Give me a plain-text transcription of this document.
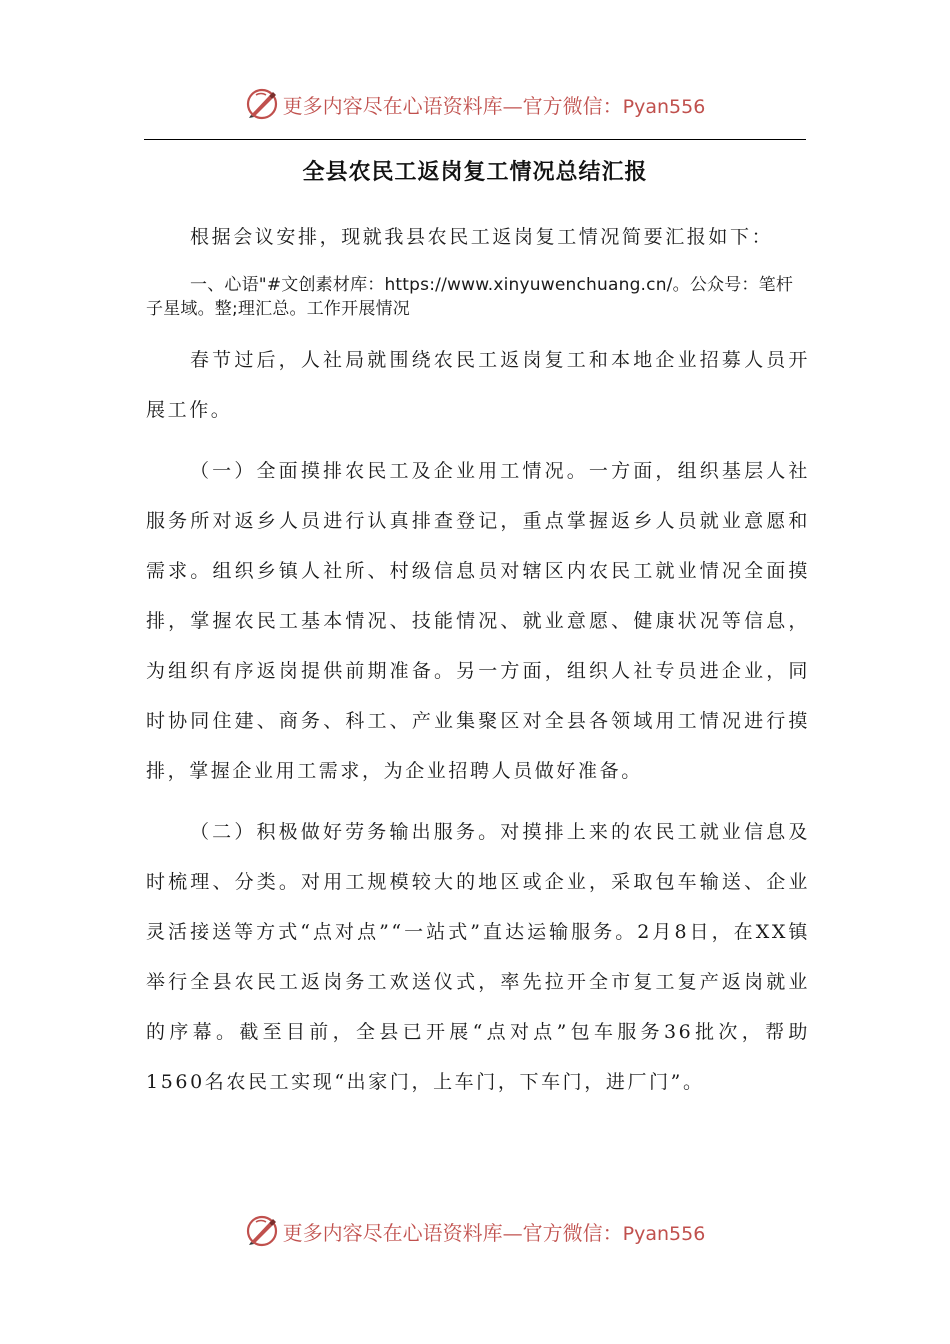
更多内容尽在心语资料库—官方微信：Pyan556
全县农民工返岗复工情况总结汇报

根据会议安排，现就我县农民工返岗复工情况简要汇报如下：

一、心语"#文创素材库：https://www.xinyuwenchuang.cn/。公众号：笔杆子星域。整;理汇总。工作开展情况

春节过后，人社局就围绕农民工返岗复工和本地企业招募人员开展工作。

（一）全面摸排农民工及企业用工情况。一方面，组织基层人社服务所对返乡人员进行认真排查登记，重点掌握返乡人员就业意愿和需求。组织乡镇人社所、村级信息员对辖区内农民工就业情况全面摸排，掌握农民工基本情况、技能情况、就业意愿、健康状况等信息，为组织有序返岗提供前期准备。另一方面，组织人社专员进企业，同时协同住建、商务、科工、产业集聚区对全县各领域用工情况进行摸排，掌握企业用工需求，为企业招聘人员做好准备。

（二）积极做好劳务输出服务。对摸排上来的农民工就业信息及时梳理、分类。对用工规模较大的地区或企业，采取包车输送、企业灵活接送等方式“点对点”“一站式”直达运输服务。2月8日，在XX镇举行全县农民工返岗务工欢送仪式，率先拉开全市复工复产返岗就业的序幕。截至目前，全县已开展“点对点”包车服务36批次，帮助1560名农民工实现“出家门，上车门，下车门，进厂门”。

更多内容尽在心语资料库—官方微信：Pyan556
